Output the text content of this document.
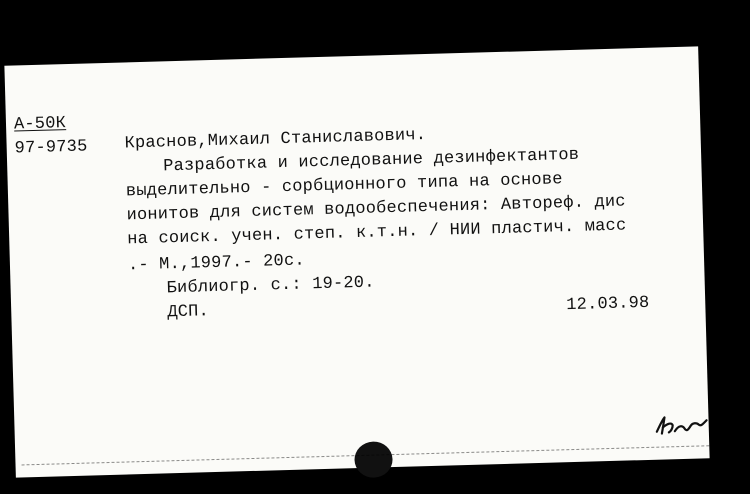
А-50К
97-9735 Краснов,Михаил Станиславович.
Разработка и исследование дезинфектантов
выделительно - сорбционного типа на основе
ионитов для систем водообеспечения: Автореф. дис
на соиск. учен. степ. к.т.н. / НИИ пластич. масс
.- М.,1997.- 20с.
Библиогр. с.: 19-20.
ДСП.	12.03.98
